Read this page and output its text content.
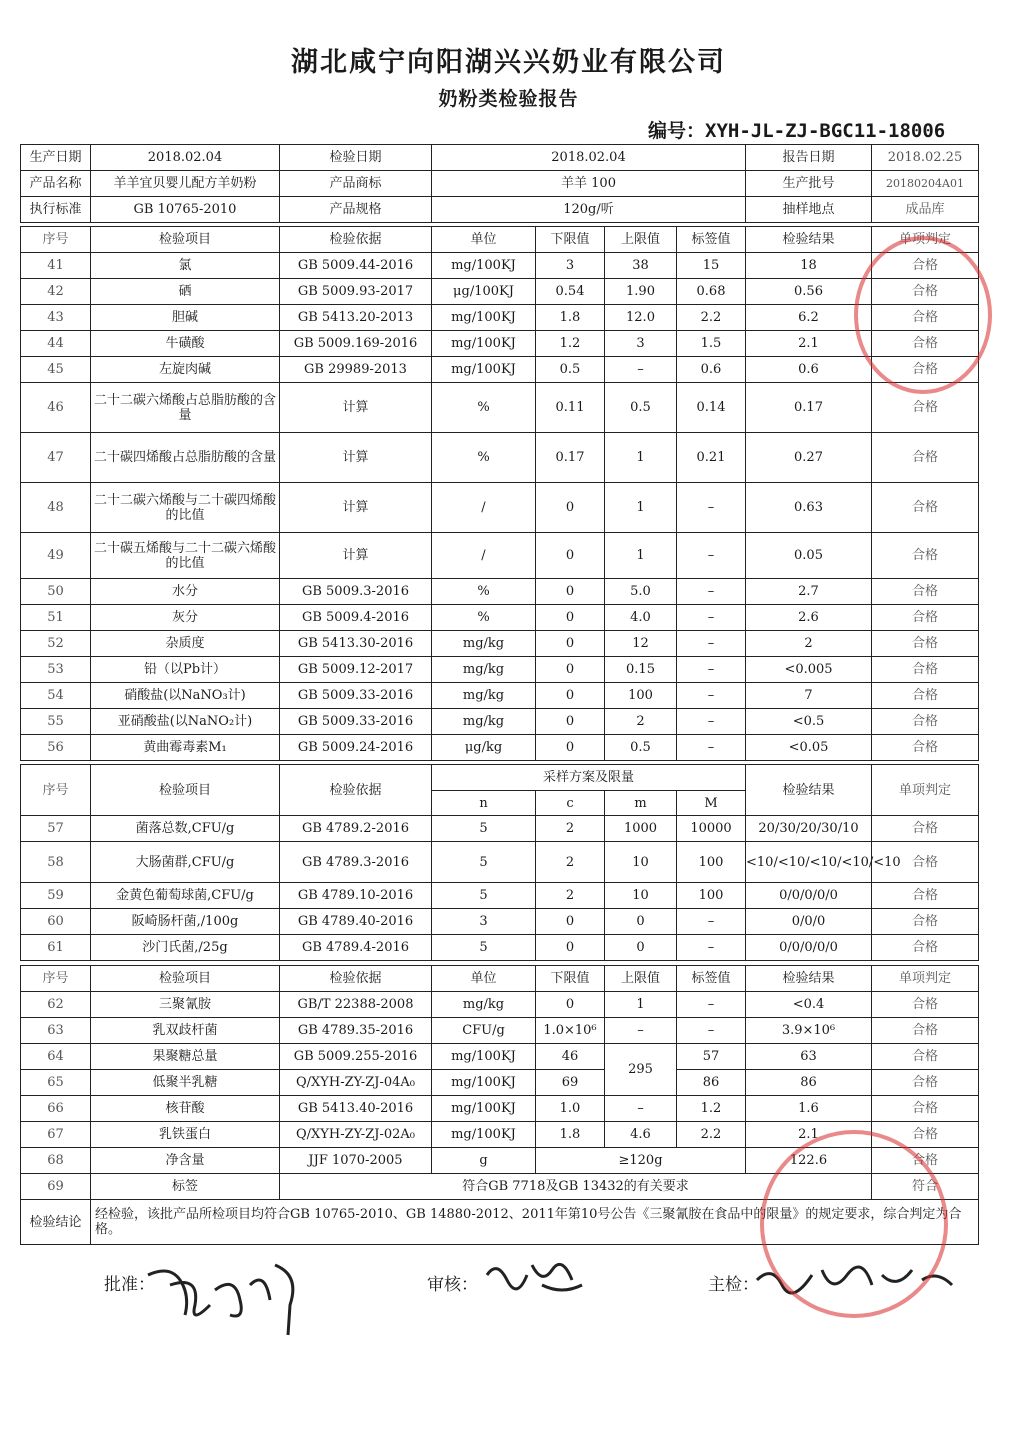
湖北咸宁向阳湖兴兴奶业有限公司
奶粉类检验报告
编号：XYH-JL-ZJ-BGC11-18006
生产日期	2018.02.04	检验日期	2018.02.04	报告日期	2018.02.25
产品名称	羊羊宜贝婴儿配方羊奶粉	产品商标	羊羊 100	生产批号	20180204A01
执行标准	GB 10765-2010	产品规格	120g/听	抽样地点	成品库
序号	检验项目	检验依据	单位	下限值	上限值	标签值	检验结果	单项判定
41	氯	GB 5009.44-2016	mg/100KJ	3	38	15	18	合格
42	硒	GB 5009.93-2017	μg/100KJ	0.54	1.90	0.68	0.56	合格
43	胆碱	GB 5413.20-2013	mg/100KJ	1.8	12.0	2.2	6.2	合格
44	牛磺酸	GB 5009.169-2016	mg/100KJ	1.2	3	1.5	2.1	合格
45	左旋肉碱	GB 29989-2013	mg/100KJ	0.5	–	0.6	0.6	合格
46	二十二碳六烯酸占总脂肪酸的含量	计算	%	0.11	0.5	0.14	0.17	合格
47	二十碳四烯酸占总脂肪酸的含量	计算	%	0.17	1	0.21	0.27	合格
48	二十二碳六烯酸与二十碳四烯酸的比值	计算	/	0	1	–	0.63	合格
49	二十碳五烯酸与二十二碳六烯酸的比值	计算	/	0	1	–	0.05	合格
50	水分	GB 5009.3-2016	%	0	5.0	–	2.7	合格
51	灰分	GB 5009.4-2016	%	0	4.0	–	2.6	合格
52	杂质度	GB 5413.30-2016	mg/kg	0	12	–	2	合格
53	铅（以Pb计）	GB 5009.12-2017	mg/kg	0	0.15	–	<0.005	合格
54	硝酸盐(以NaNO₃计)	GB 5009.33-2016	mg/kg	0	100	–	7	合格
55	亚硝酸盐(以NaNO₂计)	GB 5009.33-2016	mg/kg	0	2	–	<0.5	合格
56	黄曲霉毒素M₁	GB 5009.24-2016	μg/kg	0	0.5	–	<0.05	合格
序号	检验项目	检验依据	采样方案及限量				检验结果	单项判定
			n	c	m	M		
57	菌落总数,CFU/g	GB 4789.2-2016	5	2	1000	10000	20/30/20/30/10	合格
58	大肠菌群,CFU/g	GB 4789.3-2016	5	2	10	100	<10/<10/<10/<10/<10	合格
59	金黄色葡萄球菌,CFU/g	GB 4789.10-2016	5	2	10	100	0/0/0/0/0	合格
60	阪崎肠杆菌,/100g	GB 4789.40-2016	3	0	0	–	0/0/0	合格
61	沙门氏菌,/25g	GB 4789.4-2016	5	0	0	–	0/0/0/0/0	合格
序号	检验项目	检验依据	单位	下限值	上限值	标签值	检验结果	单项判定
62	三聚氰胺	GB/T 22388-2008	mg/kg	0	1	–	<0.4	合格
63	乳双歧杆菌	GB 4789.35-2016	CFU/g	1.0×10⁶	–	–	3.9×10⁶	合格
64	果聚糖总量	GB 5009.255-2016	mg/100KJ	46	295	57	63	合格
65	低聚半乳糖	Q/XYH-ZY-ZJ-04A₀	mg/100KJ	69		86	86	合格
66	核苷酸	GB 5413.40-2016	mg/100KJ	1.0	–	1.2	1.6	合格
67	乳铁蛋白	Q/XYH-ZY-ZJ-02A₀	mg/100KJ	1.8	4.6	2.2	2.1	合格
68	净含量	JJF 1070-2005	g	≥120g			122.6	合格
69	标签	符合GB 7718及GB 13432的有关要求						符合
检验结论	经检验，该批产品所检项目均符合GB 10765-2010、GB 14880-2012、2011年第10号公告《三聚氰胺在食品中的限量》的规定要求，综合判定为合格。							
批准：	审核：	主检：
